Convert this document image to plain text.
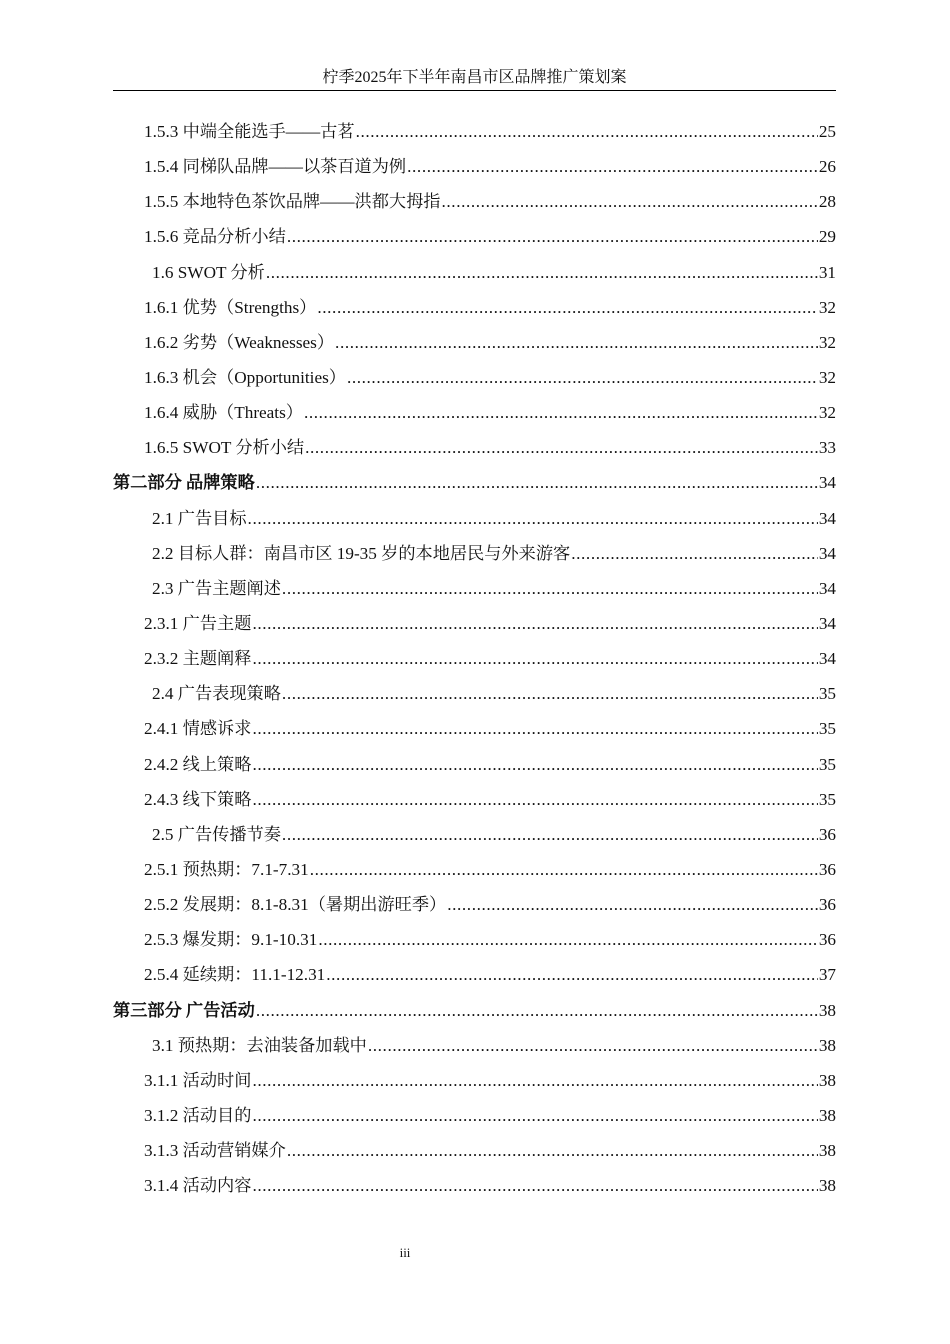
柠季2025年下半年南昌市区品牌推广策划案
1.5.3 中端全能选手——古茗 .....	25
1.5.4 同梯队品牌——以茶百道为例 .....	26
1.5.5 本地特色茶饮品牌——洪都大拇指 .....	28
1.5.6 竞品分析小结 .....	29
1.6 SWOT 分析 .....	31
1.6.1 优势（Strengths） .....	32
1.6.2 劣势（Weaknesses） .....	32
1.6.3 机会（Opportunities） .....	32
1.6.4 威胁（Threats） .....	32
1.6.5 SWOT 分析小结 .....	33
第二部分 品牌策略 .....	34
2.1 广告目标 .....	34
2.2 目标人群：南昌市区 19-35 岁的本地居民与外来游客 .....	34
2.3 广告主题阐述 .....	34
2.3.1 广告主题 .....	34
2.3.2 主题阐释 .....	34
2.4 广告表现策略 .....	35
2.4.1 情感诉求 .....	35
2.4.2 线上策略 .....	35
2.4.3 线下策略 .....	35
2.5 广告传播节奏 .....	36
2.5.1 预热期：7.1-7.31 .....	36
2.5.2 发展期：8.1-8.31（暑期出游旺季） .....	36
2.5.3 爆发期：9.1-10.31 .....	36
2.5.4 延续期：11.1-12.31 .....	37
第三部分 广告活动 .....	38
3.1 预热期：去油装备加载中 .....	38
3.1.1 活动时间 .....	38
3.1.2 活动目的 .....	38
3.1.3 活动营销媒介 .....	38
3.1.4 活动内容 .....	38
iii
